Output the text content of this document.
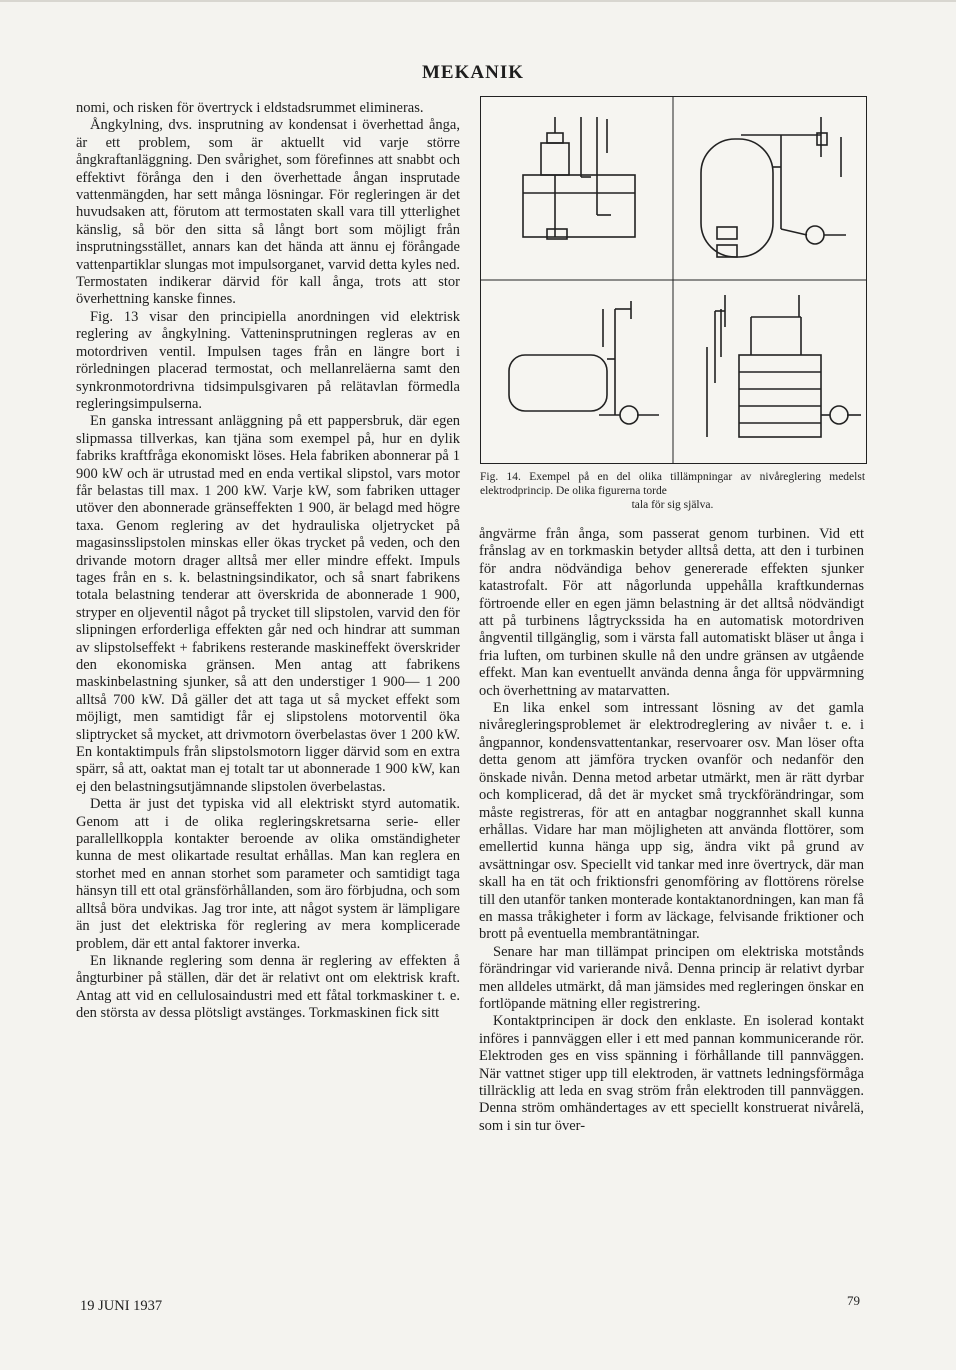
MEKANIK

nomi, och risken för övertryck i eldstadsrummet elimineras.

Ångkylning, dvs. insprutning av kondensat i överhettad ånga, är ett problem, som är aktuellt vid varje större ångkraftanläggning. Den svårighet, som förefinnes att snabbt och effektivt förånga den i den överhettade ångan insprutade vattenmängden, har sett många lösningar. För regleringen är det huvudsaken att, förutom att termostaten skall vara till ytterlighet känslig, så bör den sitta så långt bort som möjligt från insprutningsstället, annars kan det hända att ännu ej förångade vattenpartiklar slungas mot impulsorganet, varvid detta kyles ned. Termostaten indikerar därvid för kall ånga, trots att stor överhettning kanske finnes.

Fig. 13 visar den principiella anordningen vid elektrisk reglering av ångkylning. Vatteninsprutningen regleras av en motordriven ventil. Impulsen tages från en längre bort i rörledningen placerad termostat, och mellanreläerna samt den synkronmotordrivna tidsimpulsgivaren på relätavlan förmedla regleringsimpulserna.

En ganska intressant anläggning på ett pappersbruk, där egen slipmassa tillverkas, kan tjäna som exempel på, hur en dylik fabriks kraftfråga ekonomiskt löses. Hela fabriken abonnerar på 1 900 kW och är utrustad med en enda vertikal slipstol, vars motor får belastas till max. 1 200 kW. Varje kW, som fabriken uttager utöver den abonnerade gränseffekten 1 900, är belagd med högre taxa. Genom reglering av det hydrauliska oljetrycket på magasinsslipstolen minskas eller ökas trycket på veden, och den drivande motorn drager alltså mer eller mindre effekt. Impuls tages från en s. k. belastningsindikator, och så snart fabrikens totala belastning tenderar att överskrida de abonnerade 1 900, stryper en oljeventil något på trycket till slipstolen, varvid den för slipningen erforderliga effekten går ned och hindrar att summan av slipstolseffekt + fabrikens resterande maskineffekt överskrider den ekonomiska gränsen. Men antag att fabrikens maskinbelastning sjunker, så att den understiger 1 900— 1 200 alltså 700 kW. Då gäller det att taga ut så mycket effekt som möjligt, men samtidigt får ej slipstolens motorventil öka sliptrycket så mycket, att drivmotorn överbelastas över 1 200 kW. En kontaktimpuls från slipstolsmotorn ligger därvid som en extra spärr, så att, oaktat man ej totalt tar ut abonnerade 1 900 kW, kan ej den belastningsutjämnande slipstolen överbelastas.

Detta är just det typiska vid all elektriskt styrd automatik. Genom att i de olika regleringskretsarna serie- eller parallellkoppla kontakter beroende av olika omständigheter kunna de mest olikartade resultat erhållas. Man kan reglera en storhet med en annan storhet som parameter och samtidigt taga hänsyn till ett otal gränsförhållanden, som äro förbjudna, och som alltså böra undvikas. Jag tror inte, att något system är lämpligare än just det elektriska för reglering av mera komplicerade problem, där ett antal faktorer inverka.

En liknande reglering som denna är reglering av effekten å ångturbiner på ställen, där det är relativt ont om elektrisk kraft. Antag att vid en cellulosaindustri med ett fåtal torkmaskiner t. e. den största av dessa plötsligt avstänges. Torkmaskinen fick sitt

Fig. 14. Exempel på en del olika tillämpningar av nivåreglering medelst elektrodprincip. De olika figurerna torde
tala för sig själva.

ångvärme från ånga, som passerat genom turbinen. Vid ett frånslag av en torkmaskin betyder alltså detta, att den i turbinen för andra nödvändiga behov genererade effekten sjunker katastrofalt. För att någorlunda uppehålla kraftkundernas förtroende eller en egen jämn belastning är det alltså nödvändigt att på turbinens lågtryckssida ha en automatisk motordriven ångventil tillgänglig, som i värsta fall automatiskt bläser ut ånga i fria luften, om turbinen skulle nå den undre gränsen av utgående effekt. Man kan eventuellt använda denna ånga för uppvärmning och överhettning av matarvatten.

En lika enkel som intressant lösning av det gamla nivåregleringsproblemet är elektrodreglering av nivåer t. e. i ångpannor, kondensvattentankar, reservoarer osv. Man löser ofta detta genom att jämföra trycken ovanför och nedanför den önskade nivån. Denna metod arbetar utmärkt, men är rätt dyrbar och komplicerad, då det är mycket små tryckförändringar, som måste registreras, för att en antagbar noggrannhet skall kunna erhållas. Vidare har man möjligheten att använda flottörer, som emellertid kunna hänga upp sig, ändra vikt på grund av avsättningar osv. Speciellt vid tankar med inre övertryck, där man skall ha en tät och friktionsfri genomföring av flottörens rörelse till den utanför tanken monterade kontaktanordningen, kan man få en massa tråkigheter i form av läckage, felvisande friktioner och brott på eventuella membrantätningar.

Senare har man tillämpat principen om elektriska motstånds förändringar vid varierande nivå. Denna princip är relativt dyrbar men alldeles utmärkt, då man jämsides med regleringen önskar en fortlöpande mätning eller registrering.

Kontaktprincipen är dock den enklaste. En isolerad kontakt införes i pannväggen eller i ett med pannan kommunicerande rör. Elektroden ges en viss spänning i förhållande till pannväggen. När vattnet stiger upp till elektroden, är vattnets ledningsförmåga tillräcklig att leda en svag ström från elektroden till pannväggen. Denna ström omhändertages av ett speciellt konstruerat nivårelä, som i sin tur över-

19 JUNI 1937	79
